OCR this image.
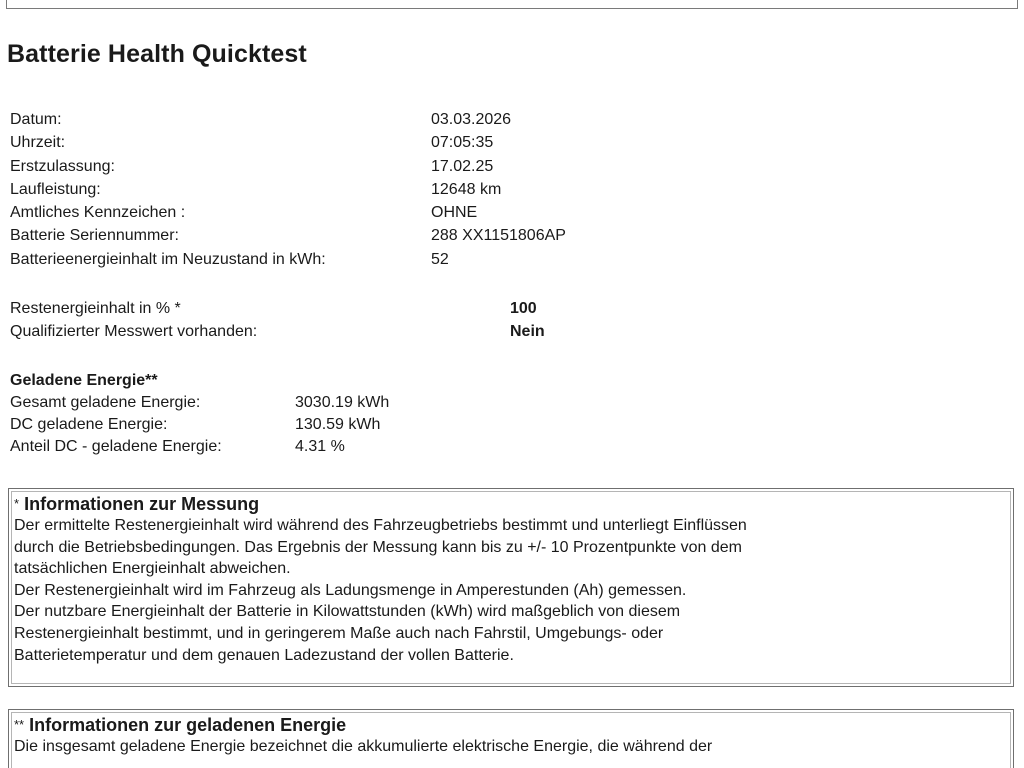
Batterie Health Quicktest
Datum:	03.03.2026
Uhrzeit:	07:05:35
Erstzulassung:	17.02.25
Laufleistung:	12648 km
Amtliches Kennzeichen :	OHNE
Batterie Seriennummer:	288 XX1151806AP
Batterieenergieinhalt im Neuzustand in kWh:	52
Restenergieinhalt in % *	100
Qualifizierter Messwert vorhanden:	Nein
Geladene Energie**
Gesamt geladene Energie:	3030.19 kWh
DC geladene Energie:	130.59 kWh
Anteil DC - geladene Energie:	4.31 %
* Informationen zur Messung
Der ermittelte Restenergieinhalt wird während des Fahrzeugbetriebs bestimmt und unterliegt Einflüssen
durch die Betriebsbedingungen. Das Ergebnis der Messung kann bis zu +/- 10 Prozentpunkte von dem
tatsächlichen Energieinhalt abweichen.
Der Restenergieinhalt wird im Fahrzeug als Ladungsmenge in Amperestunden (Ah) gemessen.
Der nutzbare Energieinhalt der Batterie in Kilowattstunden (kWh) wird maßgeblich von diesem
Restenergieinhalt bestimmt, und in geringerem Maße auch nach Fahrstil, Umgebungs- oder
Batterietemperatur und dem genauen Ladezustand der vollen Batterie.
** Informationen zur geladenen Energie
Die insgesamt geladene Energie bezeichnet die akkumulierte elektrische Energie, die während der
